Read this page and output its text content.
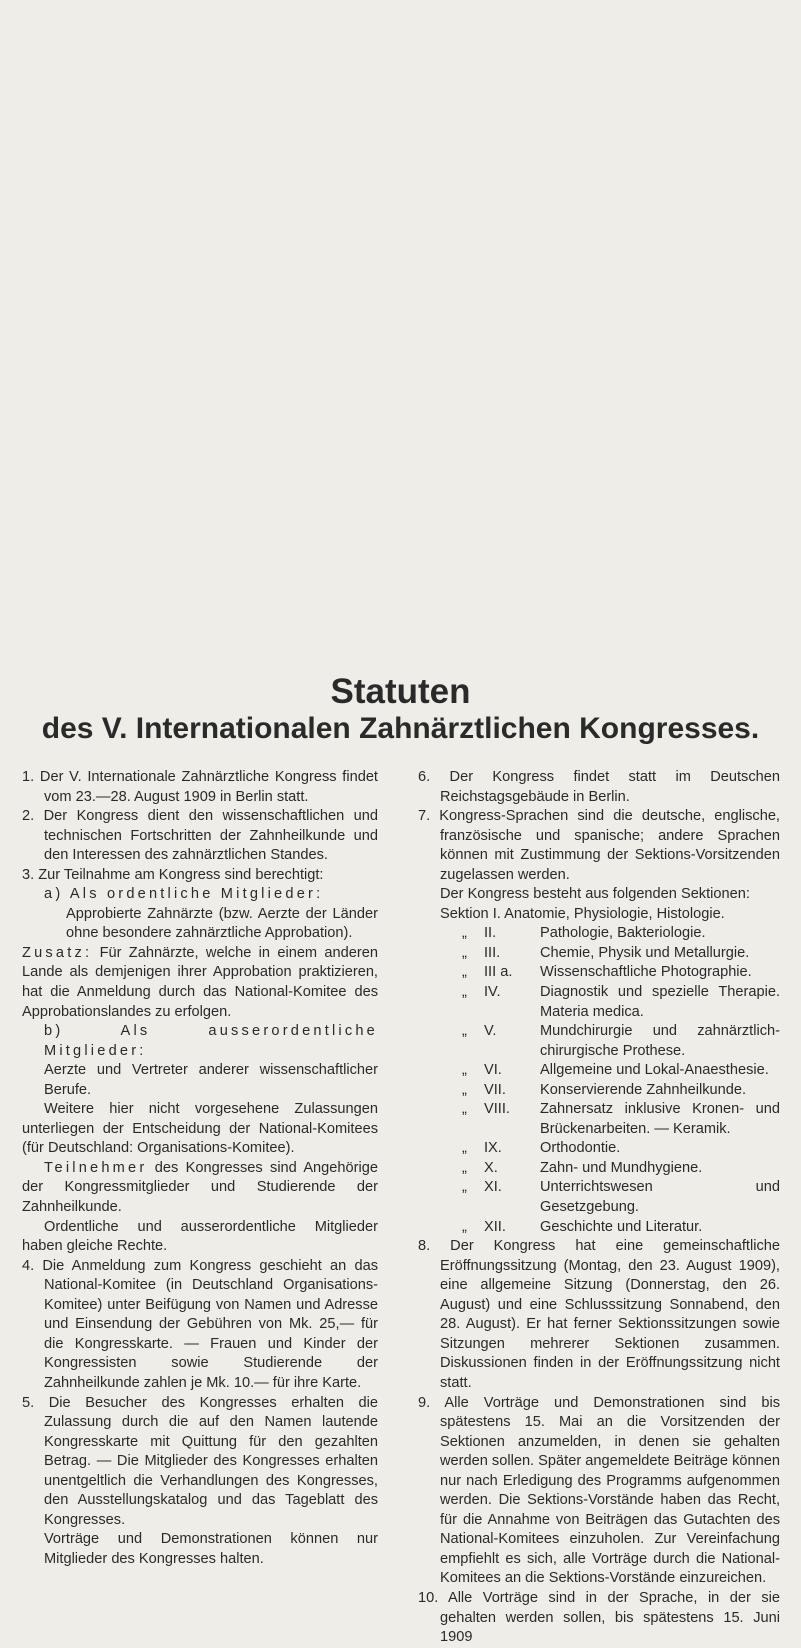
Statuten
des V. Internationalen Zahnärztlichen Kongresses.

1. Der V. Internationale Zahnärztliche Kongress findet vom 23.—28. August 1909 in Berlin statt.

2. Der Kongress dient den wissenschaftlichen und technischen Fortschritten der Zahnheilkunde und den Interessen des zahnärztlichen Standes.

3. Zur Teilnahme am Kongress sind berechtigt:

a) Als ordentliche Mitglieder:

Approbierte Zahnärzte (bzw. Aerzte der Länder ohne besondere zahnärztliche Approbation).

Zusatz: Für Zahnärzte, welche in einem anderen Lande als demjenigen ihrer Approbation praktizieren, hat die Anmeldung durch das National-Komitee des Approbationslandes zu erfolgen.

b) Als ausserordentliche Mitglieder:

Aerzte und Vertreter anderer wissenschaftlicher Berufe.

Weitere hier nicht vorgesehene Zulassungen unterliegen der Entscheidung der National-Komitees (für Deutschland: Organisations-Komitee).

Teilnehmer des Kongresses sind Angehörige der Kongressmitglieder und Studierende der Zahnheilkunde.

Ordentliche und ausserordentliche Mitglieder haben gleiche Rechte.

4. Die Anmeldung zum Kongress geschieht an das National-Komitee (in Deutschland Organisations-Komitee) unter Beifügung von Namen und Adresse und Einsendung der Gebühren von Mk. 25,— für die Kongresskarte. — Frauen und Kinder der Kongressisten sowie Studierende der Zahnheilkunde zahlen je Mk. 10.— für ihre Karte.

5. Die Besucher des Kongresses erhalten die Zulassung durch die auf den Namen lautende Kongresskarte mit Quittung für den gezahlten Betrag. — Die Mitglieder des Kongresses erhalten unentgeltlich die Verhandlungen des Kongresses, den Ausstellungskatalog und das Tageblatt des Kongresses.

Vorträge und Demonstrationen können nur Mitglieder des Kongresses halten.

6. Der Kongress findet statt im Deutschen Reichstagsgebäude in Berlin.

7. Kongress-Sprachen sind die deutsche, englische, französische und spanische; andere Sprachen können mit Zustimmung der Sektions-Vorsitzenden zugelassen werden.

Der Kongress besteht aus folgenden Sektionen:

Sektion I. Anatomie, Physiologie, Histologie.

„ II.	Pathologie, Bakteriologie.

„ III.	Chemie, Physik und Metallurgie.

„ III a. Wissenschaftliche Photographie.

„ IV.	Diagnostik und spezielle Therapie. Materia medica.

„ V.	Mundchirurgie und zahnärztlich-chirurgische Prothese.

„ VI.	Allgemeine und Lokal-Anaesthesie.

„ VII. Konservierende Zahnheilkunde.

„ VIII. Zahnersatz inklusive Kronen- und Brückenarbeiten. — Keramik.

„ IX.	Orthodontie.

„ X.	Zahn- und Mundhygiene.

„ XI.	Unterrichtswesen und Gesetzgebung.

„ XII. Geschichte und Literatur.

8. Der Kongress hat eine gemeinschaftliche Eröffnungssitzung (Montag, den 23. August 1909), eine allgemeine Sitzung (Donnerstag, den 26. August) und eine Schlusssitzung Sonnabend, den 28. August). Er hat ferner Sektionssitzungen sowie Sitzungen mehrerer Sektionen zusammen. Diskussionen finden in der Eröffnungssitzung nicht statt.

9. Alle Vorträge und Demonstrationen sind bis spätestens 15. Mai an die Vorsitzenden der Sektionen anzumelden, in denen sie gehalten werden sollen. Später angemeldete Beiträge können nur nach Erledigung des Programms aufgenommen werden. Die Sektions-Vorstände haben das Recht, für die Annahme von Beiträgen das Gutachten des National-Komitees einzuholen. Zur Vereinfachung empfiehlt es sich, alle Vorträge durch die National-Komitees an die Sektions-Vorstände einzureichen.

10. Alle Vorträge sind in der Sprache, in der sie gehalten werden sollen, bis spätestens 15. Juni 1909
